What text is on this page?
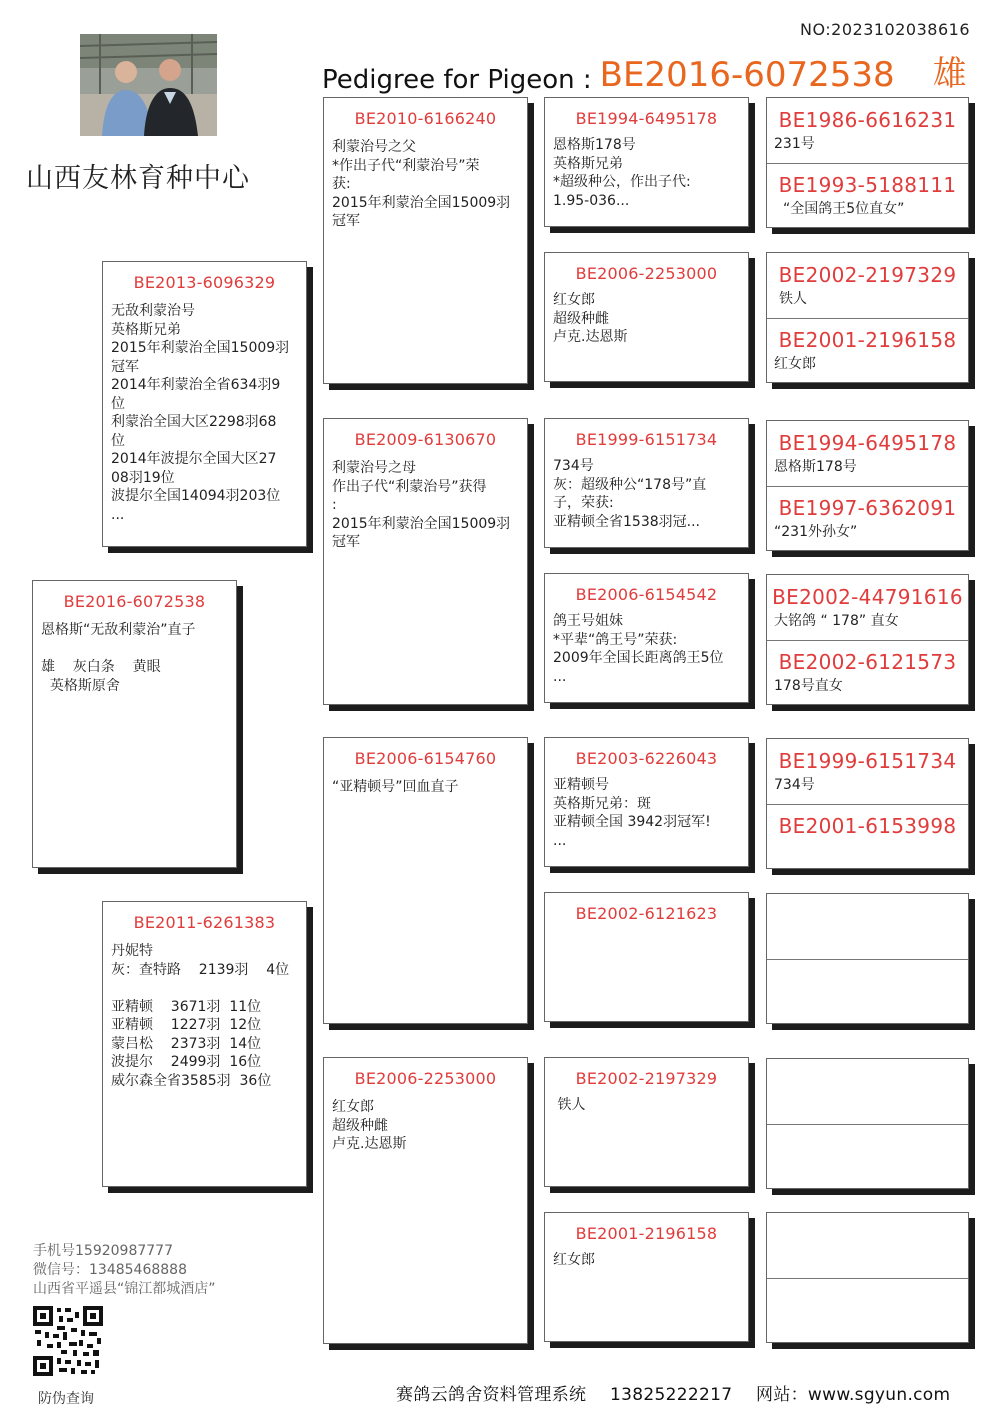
NO:2023102038616
山西友林育种中心
Pedigree for Pigeon : BE2016-6072538 雄
BE2016-6072538
恩格斯“无敌利蒙治”直子

雄    灰白条    黄眼
英格斯原舍
BE2013-6096329
无敌利蒙治号
英格斯兄弟
2015年利蒙治全国15009羽
冠军
2014年利蒙治全省634羽9
位
利蒙治全国大区2298羽68
位
2014年波提尔全国大区27
08羽19位
波提尔全国14094羽203位
...
BE2011-6261383
丹妮特
灰：查特路    2139羽    4位

亚精顿    3671羽  11位
亚精顿    1227羽  12位
蒙吕松    2373羽  14位
波提尔    2499羽  16位
威尔森全省3585羽  36位
BE2010-6166240
利蒙治号之父
*作出子代“利蒙治号”荣
获:
2015年利蒙治全国15009羽
冠军
BE2009-6130670
利蒙治号之母
作出子代“利蒙治号”获得
:
2015年利蒙治全国15009羽
冠军
BE2006-6154760
“亚精顿号”回血直子
BE2006-2253000
红女郎
超级种雌
卢克.达恩斯
BE1994-6495178
恩格斯178号
英格斯兄弟
*超级种公，作出子代:
1.95-036...
BE2006-2253000
红女郎
超级种雌
卢克.达恩斯
BE1999-6151734
734号
灰：超级种公“178号”直
子，荣获:
亚精顿全省1538羽冠...
BE2006-6154542
鸽王号姐妹
*平辈“鸽王号”荣获:
2009年全国长距离鸽王5位
...
BE2003-6226043
亚精顿号
英格斯兄弟：斑
亚精顿全国 3942羽冠军!
...
BE2002-6121623
BE2002-2197329
铁人
BE2001-2196158
红女郎
BE1986-6616231
231号
BE1993-5188111
“全国鸽王5位直女”
BE2002-2197329
铁人
BE2001-2196158
红女郎
BE1994-6495178
恩格斯178号
BE1997-6362091
“231外孙女”
BE2002-44791616
大铭鸽 “ 178” 直女
BE2002-6121573
178号直女
BE1999-6151734
734号
BE2001-6153998
手机号15920987777
微信号：13485468888
山西省平遥县“锦江都城酒店”
防伪查询	赛鸽云鸽舍资料管理系统 13825222217 网站：www.sgyun.com
